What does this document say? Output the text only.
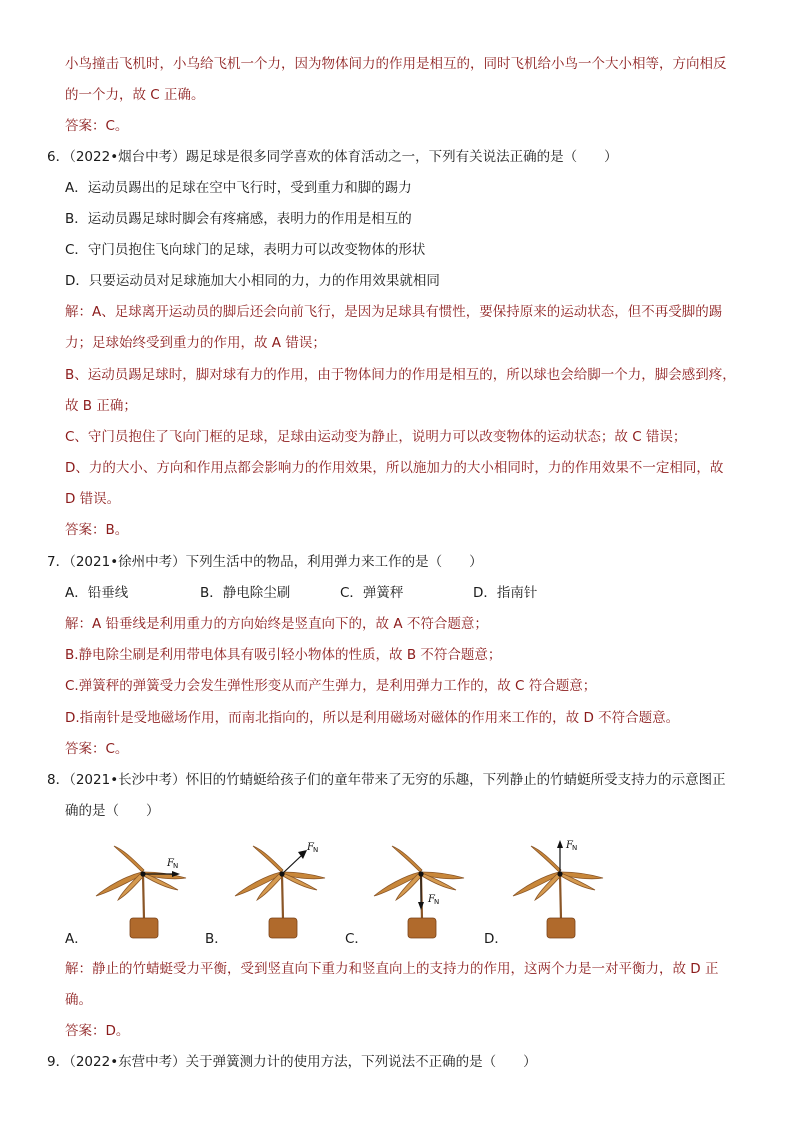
小鸟撞击飞机时，小乌给飞机一个力，因为物体间力的作用是相互的，同时飞机给小鸟一个大小相等，方向相反
的一个力，故 C 正确。
答案：C。
6．（2022•烟台中考）踢足球是很多同学喜欢的体育活动之一，下列有关说法正确的是（　　）
A．运动员踢出的足球在空中飞行时，受到重力和脚的踢力
B．运动员踢足球时脚会有疼痛感，表明力的作用是相互的
C．守门员抱住飞向球门的足球，表明力可以改变物体的形状
D．只要运动员对足球施加大小相同的力，力的作用效果就相同
解：A、足球离开运动员的脚后还会向前飞行，是因为足球具有惯性，要保持原来的运动状态，但不再受脚的踢
力；足球始终受到重力的作用，故 A 错误；
B、运动员踢足球时，脚对球有力的作用，由于物体间力的作用是相互的，所以球也会给脚一个力，脚会感到疼，
故 B 正确；
C、守门员抱住了飞向门框的足球，足球由运动变为静止，说明力可以改变物体的运动状态；故 C 错误；
D、力的大小、方向和作用点都会影响力的作用效果，所以施加力的大小相同时，力的作用效果不一定相同，故
D 错误。
答案：B。
7．（2021•徐州中考）下列生活中的物品，利用弹力来工作的是（　　）
A．铅垂线	B．静电除尘刷	C．弹簧秤	D．指南针
解：A 铅垂线是利用重力的方向始终是竖直向下的，故 A 不符合题意；
B.静电除尘刷是利用带电体具有吸引轻小物体的性质，故 B 不符合题意；
C.弹簧秤的弹簧受力会发生弹性形变从而产生弹力，是利用弹力工作的，故 C 符合题意；
D.指南针是受地磁场作用，而南北指向的，所以是利用磁场对磁体的作用来工作的，故 D 不符合题意。
答案：C。
8．（2021•长沙中考）怀旧的竹蜻蜓给孩子们的童年带来了无穷的乐趣，下列静止的竹蜻蜓所受支持力的示意图正
确的是（　　）
F N
F N
F N
F N
A．	B．	C．	D．
解：静止的竹蜻蜓受力平衡，受到竖直向下重力和竖直向上的支持力的作用，这两个力是一对平衡力，故 D 正
确。
答案：D。
9．（2022•东营中考）关于弹簧测力计的使用方法，下列说法不正确的是（　　）
